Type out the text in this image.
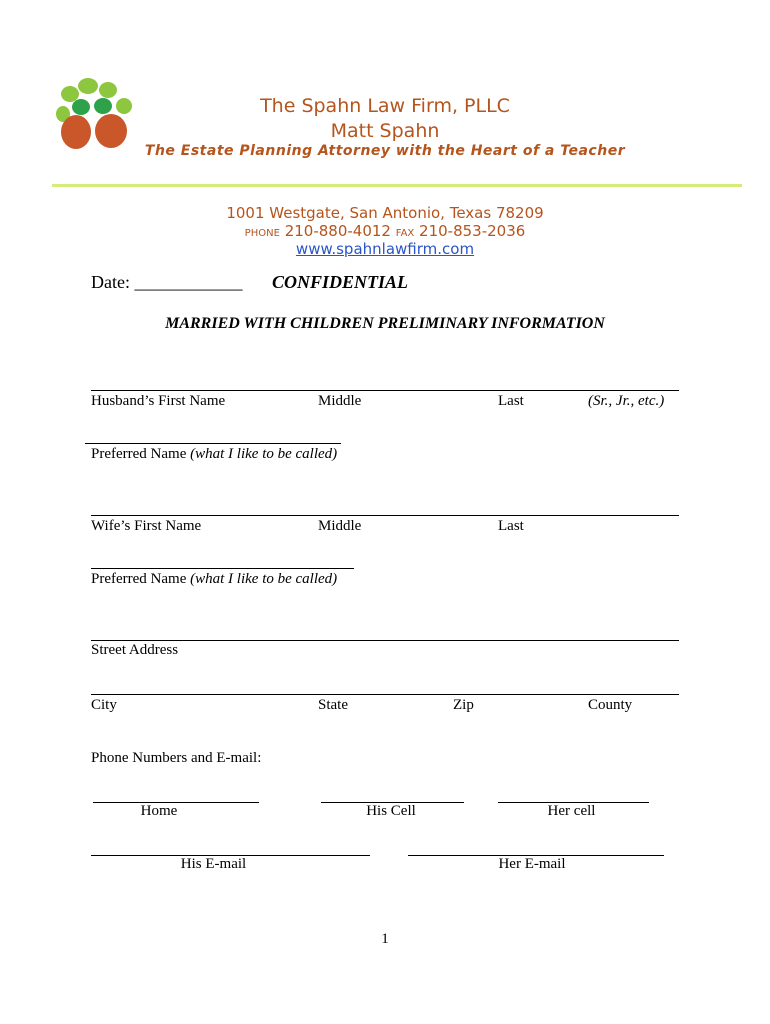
The Spahn Law Firm, PLLC
Matt Spahn
The Estate Planning Attorney with the Heart of a Teacher
1001 Westgate, San Antonio, Texas 78209
PHONE 210-880-4012 FAX 210-853-2036
www.spahnlawfirm.com
Date: ____________ CONFIDENTIAL
MARRIED WITH CHILDREN PRELIMINARY INFORMATION
Husband’s First Name	Middle	Last	(Sr., Jr., etc.)
Preferred Name (what I like to be called)
Wife’s First Name	Middle	Last
Preferred Name (what I like to be called)
Street Address
City	State	Zip	County
Phone Numbers and E-mail:
Home	His Cell	Her cell
His E-mail	Her E-mail
1
